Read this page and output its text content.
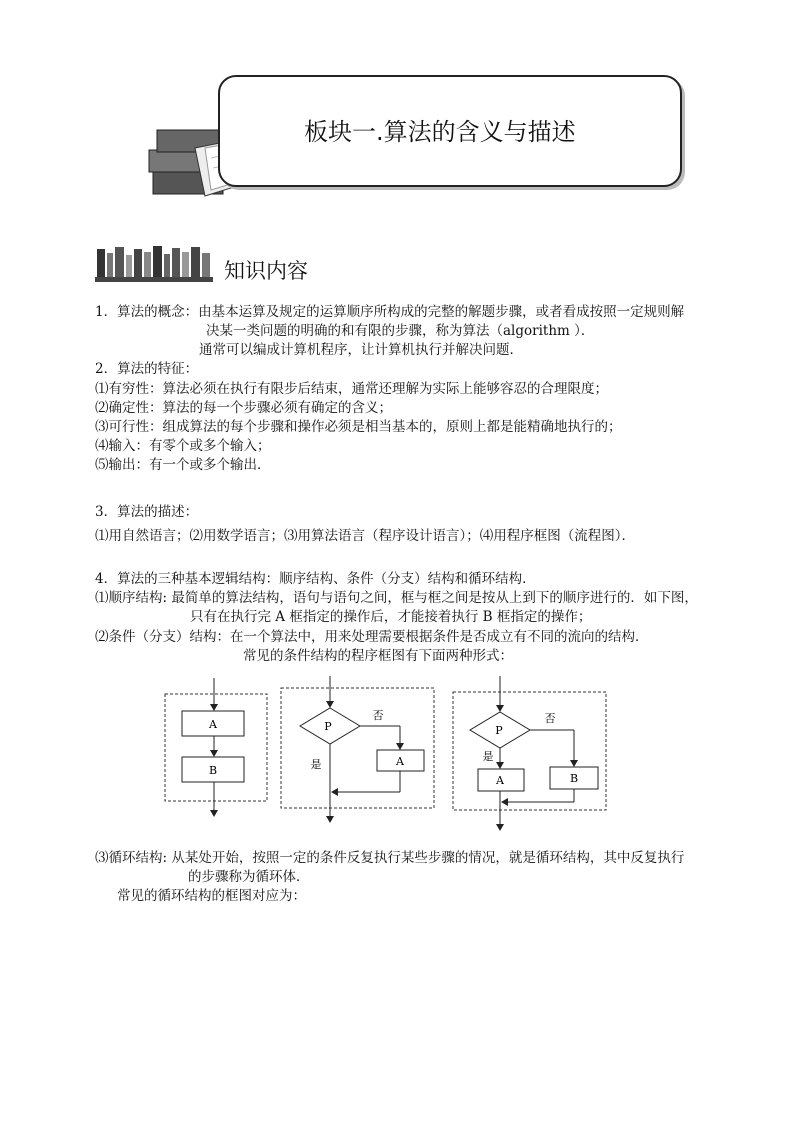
板块一.算法的含义与描述
知识内容
1．算法的概念：由基本运算及规定的运算顺序所构成的完整的解题步骤，或者看成按照一定规则解
决某一类问题的明确的和有限的步骤，称为算法（algorithm ）．
通常可以编成计算机程序，让计算机执行并解决问题．
2．算法的特征：
⑴有穷性：算法必须在执行有限步后结束，通常还理解为实际上能够容忍的合理限度；
⑵确定性：算法的每一个步骤必须有确定的含义；
⑶可行性：组成算法的每个步骤和操作必须是相当基本的，原则上都是能精确地执行的；
⑷输入：有零个或多个输入；
⑸输出：有一个或多个输出．
3．算法的描述：
⑴用自然语言；⑵用数学语言；⑶用算法语言（程序设计语言）；⑷用程序框图（流程图）．
4．算法的三种基本逻辑结构：顺序结构、条件（分支）结构和循环结构．
⑴顺序结构: 最简单的算法结构，语句与语句之间，框与框之间是按从上到下的顺序进行的．如下图，
只有在执行完 A 框指定的操作后，才能接着执行 B 框指定的操作；
⑵条件（分支）结构：在一个算法中，用来处理需要根据条件是否成立有不同的流向的结构．
常见的条件结构的程序框图有下面两种形式：
A
B
P
否
A
是
P
否
B
是
A
⑶循环结构: 从某处开始，按照一定的条件反复执行某些步骤的情况，就是循环结构，其中反复执行
的步骤称为循环体．
常见的循环结构的框图对应为：
